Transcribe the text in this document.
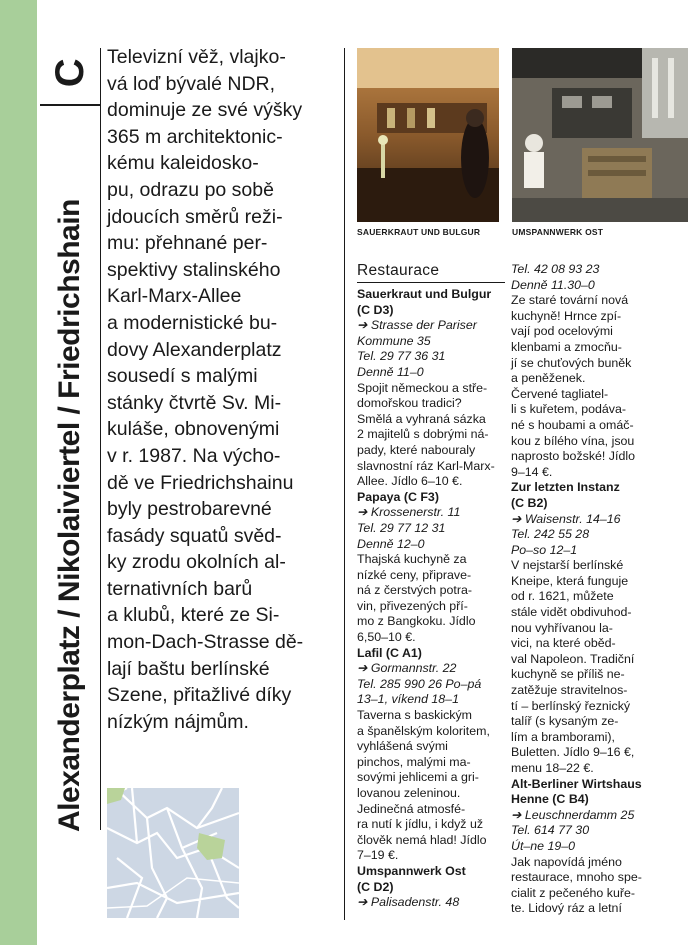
Alexanderplatz / Nikolaiviertel / Friedrichshain
C

Televizní věž, vlajko-
vá loď bývalé NDR,
dominuje ze své výšky
365 m architektonic-
kému kaleidosko-
pu, odrazu po sobě
jdoucích směrů reži-
mu: přehnané per-
spektivy stalinského
Karl-Marx-Allee
a modernistické bu-
dovy Alexanderplatz
sousedí s malými
stánky čtvrtě Sv. Mi-
kuláše, obnovenými
v r. 1987. Na výcho-
dě ve Friedrichshainu
byly pestrobarevné
fasády squatů svěd-
ky zrodu okolních al-
ternativních barů
a klubů, které ze Si-
mon-Dach-Strasse dě-
lají baštu berlínské
Szene, přitažlivé díky
nízkým nájmům.

SAUERKRAUT UND BULGUR	UMSPANNWERK OST
Restaurace
Sauerkraut und Bulgur
(C D3)
➔ Strasse der Pariser
Kommune 35
Tel. 29 77 36 31
Denně 11–0
Spojit německou a stře-
domořskou tradici?
Smělá a vyhraná sázka
2 majitelů s dobrými ná-
pady, které nabouraly
slavnostní ráz Karl-Marx-
Allee. Jídlo 6–10 €.
Papaya (C F3)
➔ Krossenerstr. 11
Tel. 29 77 12 31
Denně 12–0
Thajská kuchyně za
nízké ceny, připrave-
ná z čerstvých potra-
vin, přivezených pří-
mo z Bangkoku. Jídlo
6,50–10 €.
Lafil (C A1)
➔ Gormannstr. 22
Tel. 285 990 26 Po–pá
13–1, víkend 18–1
Taverna s baskickým
a španělským koloritem,
vyhlášená svými
pinchos, malými ma-
sovými jehlicemi a gri-
lovanou zeleninou.
Jedinečná atmosfé-
ra nutí k jídlu, i když už
člověk nemá hlad! Jídlo
7–19 €.
Umspannwerk Ost
(C D2)
➔ Palisadenstr. 48
Tel. 42 08 93 23
Denně 11.30–0
Ze staré tovární nová
kuchyně! Hrnce zpí-
vají pod ocelovými
klenbami a zmocňu-
jí se chuťových buněk
a peněženek.
Červené tagliatel-
li s kuřetem, podáva-
né s houbami a omáč-
kou z bílého vína, jsou
naprosto božské! Jídlo
9–14 €.
Zur letzten Instanz
(C B2)
➔ Waisenstr. 14–16
Tel. 242 55 28
Po–so 12–1
V nejstarší berlínské
Kneipe, která funguje
od r. 1621, můžete
stále vidět obdivuhod-
nou vyhřívanou la-
vici, na které oběd-
val Napoleon. Tradiční
kuchyně se příliš ne-
zatěžuje stravitelnos-
tí – berlínský řeznický
talíř (s kysaným ze-
lím a bramborami),
Buletten. Jídlo 9–16 €,
menu 18–22 €.
Alt-Berliner Wirtshaus
Henne (C B4)
➔ Leuschnerdamm 25
Tel. 614 77 30
Út–ne 19–0
Jak napovídá jméno
restaurace, mnoho spe-
cialit z pečeného kuře-
te. Lidový ráz a letní
